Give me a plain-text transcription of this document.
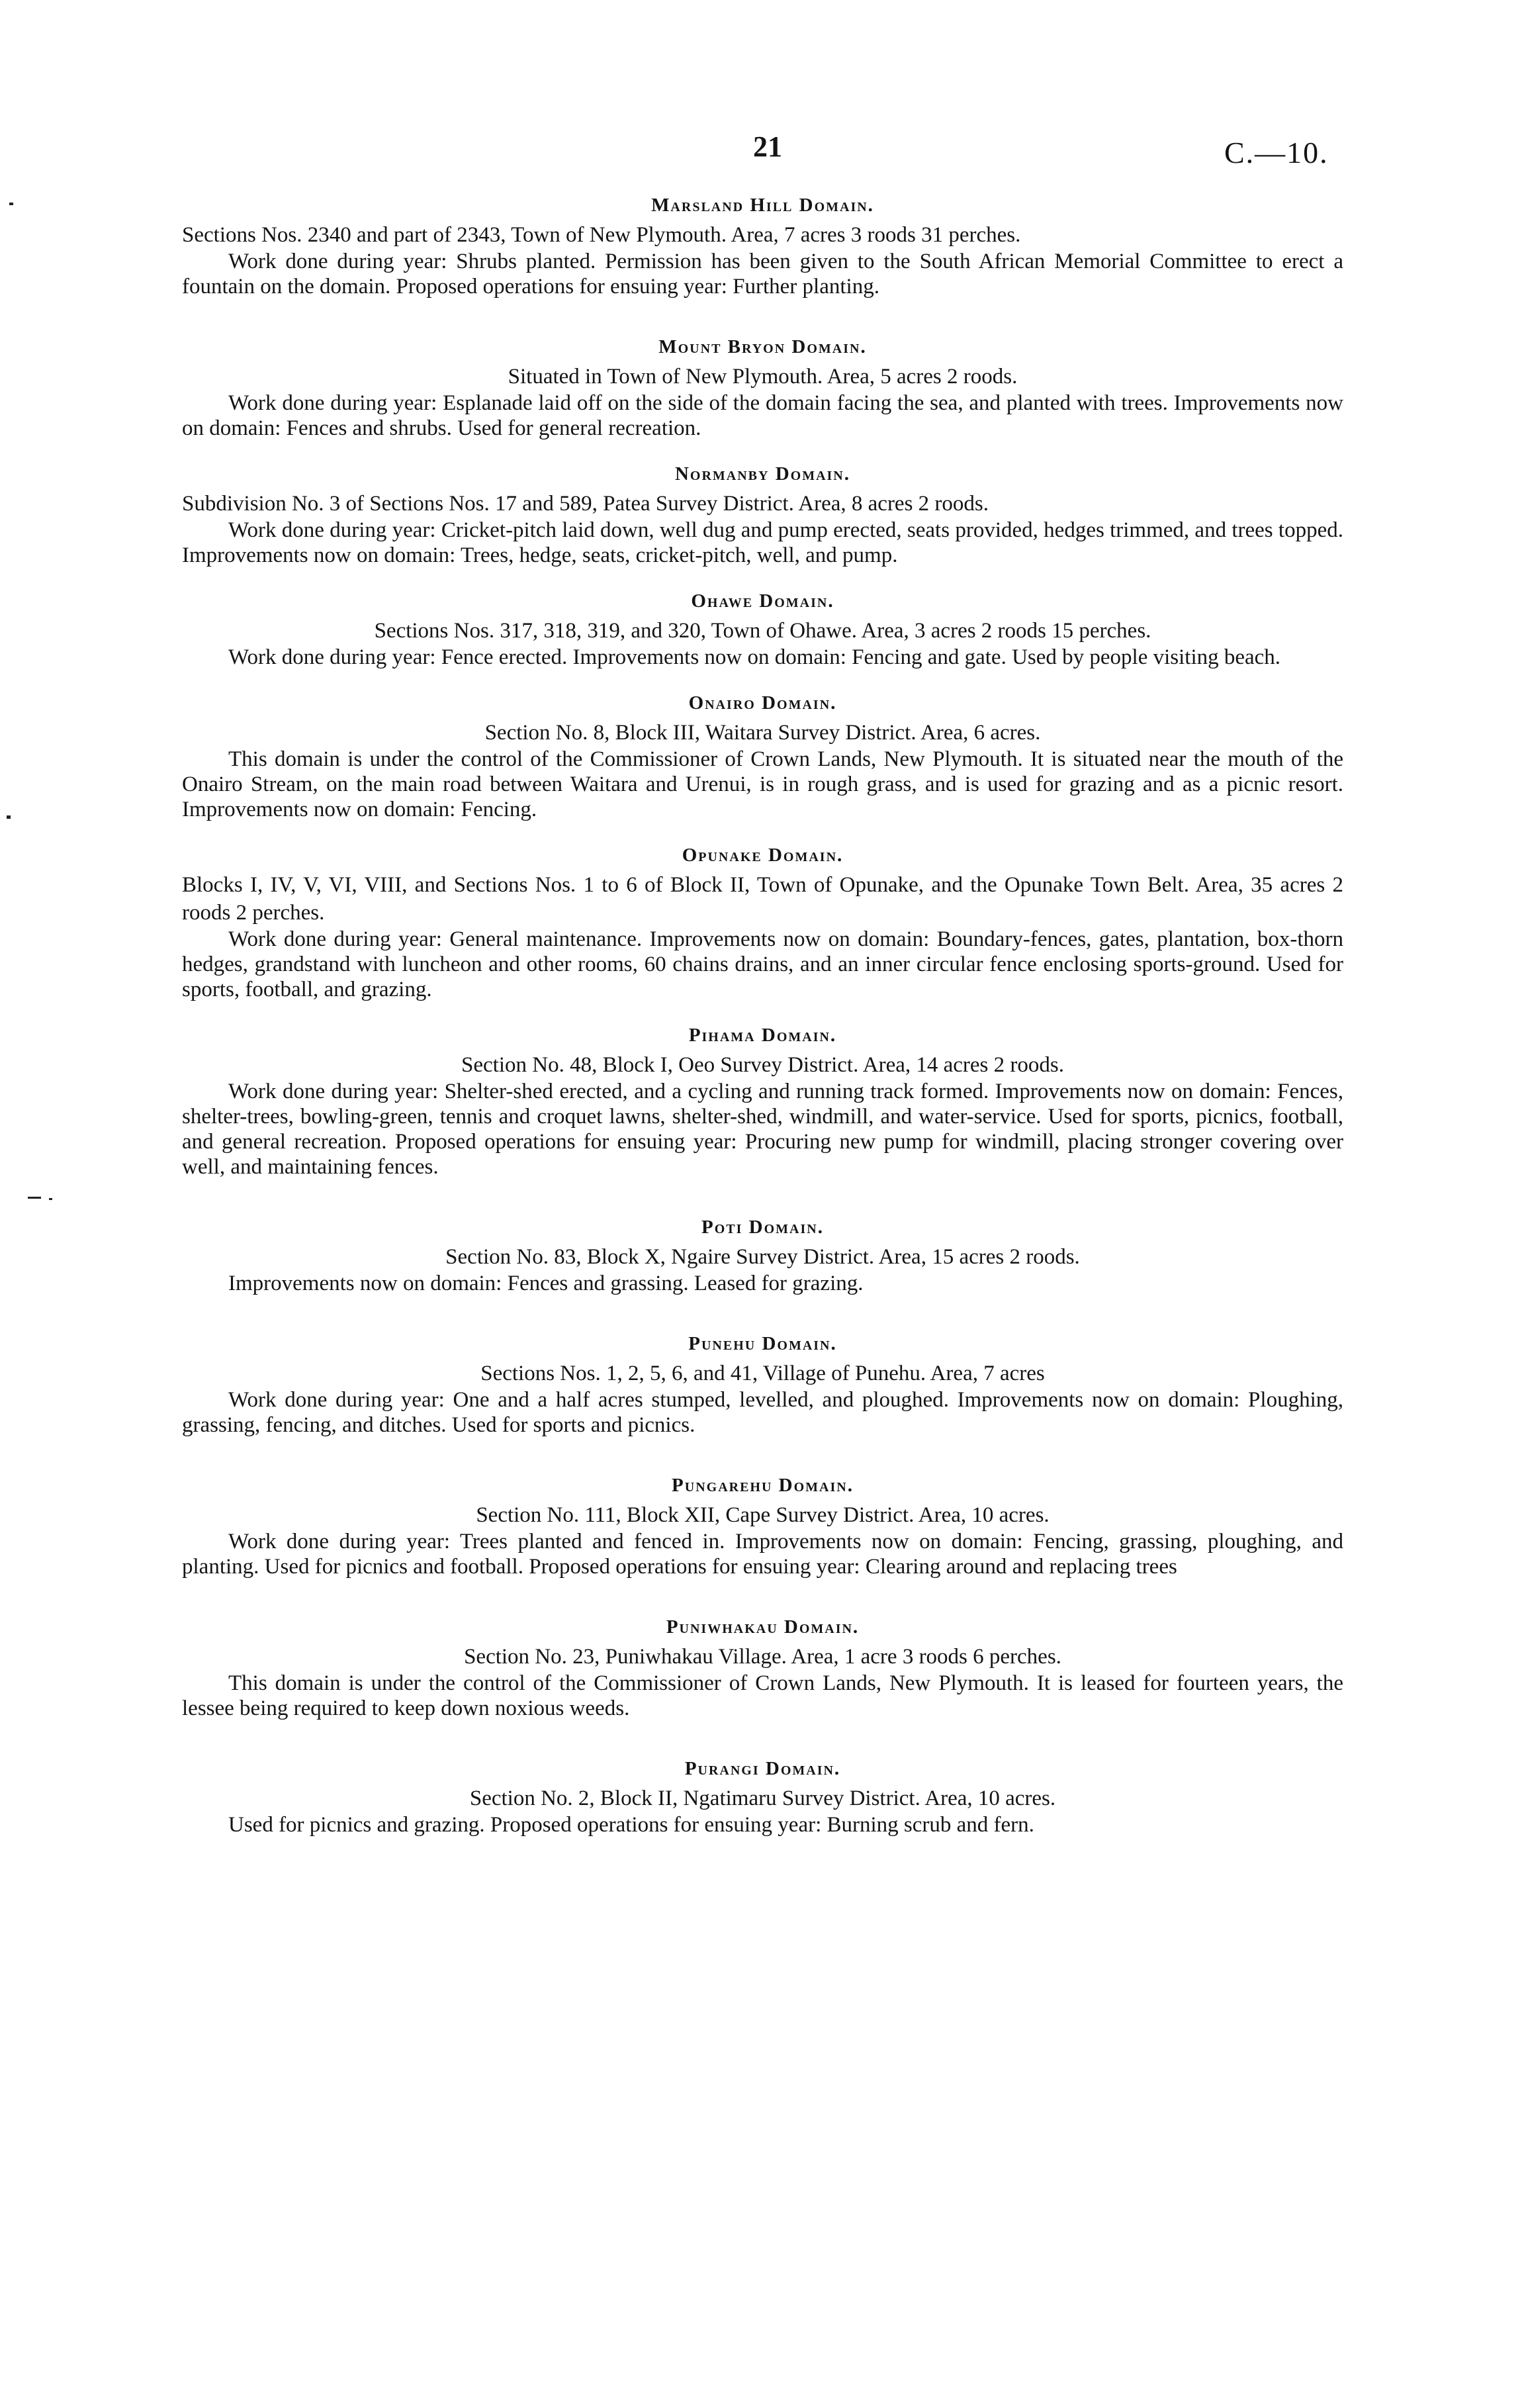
21	C.—10.
Marsland Hill Domain.

Sections Nos. 2340 and part of 2343, Town of New Plymouth. Area, 7 acres 3 roods 31 perches.

Work done during year: Shrubs planted. Permission has been given to the South African Memorial Committee to erect a fountain on the domain. Proposed operations for ensuing year: Further planting.

Mount Bryon Domain.

Situated in Town of New Plymouth. Area, 5 acres 2 roods.

Work done during year: Esplanade laid off on the side of the domain facing the sea, and planted with trees. Improvements now on domain: Fences and shrubs. Used for general recreation.

Normanby Domain.

Subdivision No. 3 of Sections Nos. 17 and 589, Patea Survey District. Area, 8 acres 2 roods.

Work done during year: Cricket-pitch laid down, well dug and pump erected, seats provided, hedges trimmed, and trees topped. Improvements now on domain: Trees, hedge, seats, cricket-pitch, well, and pump.

Ohawe Domain.

Sections Nos. 317, 318, 319, and 320, Town of Ohawe. Area, 3 acres 2 roods 15 perches.

Work done during year: Fence erected. Improvements now on domain: Fencing and gate. Used by people visiting beach.

Onairo Domain.

Section No. 8, Block III, Waitara Survey District. Area, 6 acres.

This domain is under the control of the Commissioner of Crown Lands, New Plymouth. It is situated near the mouth of the Onairo Stream, on the main road between Waitara and Urenui, is in rough grass, and is used for grazing and as a picnic resort. Improvements now on domain: Fencing.

Opunake Domain.

Blocks I, IV, V, VI, VIII, and Sections Nos. 1 to 6 of Block II, Town of Opunake, and the Opunake Town Belt. Area, 35 acres 2 roods 2 perches.

Work done during year: General maintenance. Improvements now on domain: Boundary-fences, gates, plantation, box-thorn hedges, grandstand with luncheon and other rooms, 60 chains drains, and an inner circular fence enclosing sports-ground. Used for sports, football, and grazing.

Pihama Domain.

Section No. 48, Block I, Oeo Survey District. Area, 14 acres 2 roods.

Work done during year: Shelter-shed erected, and a cycling and running track formed. Improvements now on domain: Fences, shelter-trees, bowling-green, tennis and croquet lawns, shelter-shed, windmill, and water-service. Used for sports, picnics, football, and general recreation. Proposed operations for ensuing year: Procuring new pump for windmill, placing stronger covering over well, and maintaining fences.

Poti Domain.

Section No. 83, Block X, Ngaire Survey District. Area, 15 acres 2 roods.

Improvements now on domain: Fences and grassing. Leased for grazing.

Punehu Domain.

Sections Nos. 1, 2, 5, 6, and 41, Village of Punehu. Area, 7 acres

Work done during year: One and a half acres stumped, levelled, and ploughed. Improvements now on domain: Ploughing, grassing, fencing, and ditches. Used for sports and picnics.

Pungarehu Domain.

Section No. 111, Block XII, Cape Survey District. Area, 10 acres.

Work done during year: Trees planted and fenced in. Improvements now on domain: Fencing, grassing, ploughing, and planting. Used for picnics and football. Proposed operations for ensuing year: Clearing around and replacing trees

Puniwhakau Domain.

Section No. 23, Puniwhakau Village. Area, 1 acre 3 roods 6 perches.

This domain is under the control of the Commissioner of Crown Lands, New Plymouth. It is leased for fourteen years, the lessee being required to keep down noxious weeds.

Purangi Domain.

Section No. 2, Block II, Ngatimaru Survey District. Area, 10 acres.

Used for picnics and grazing. Proposed operations for ensuing year: Burning scrub and fern.
